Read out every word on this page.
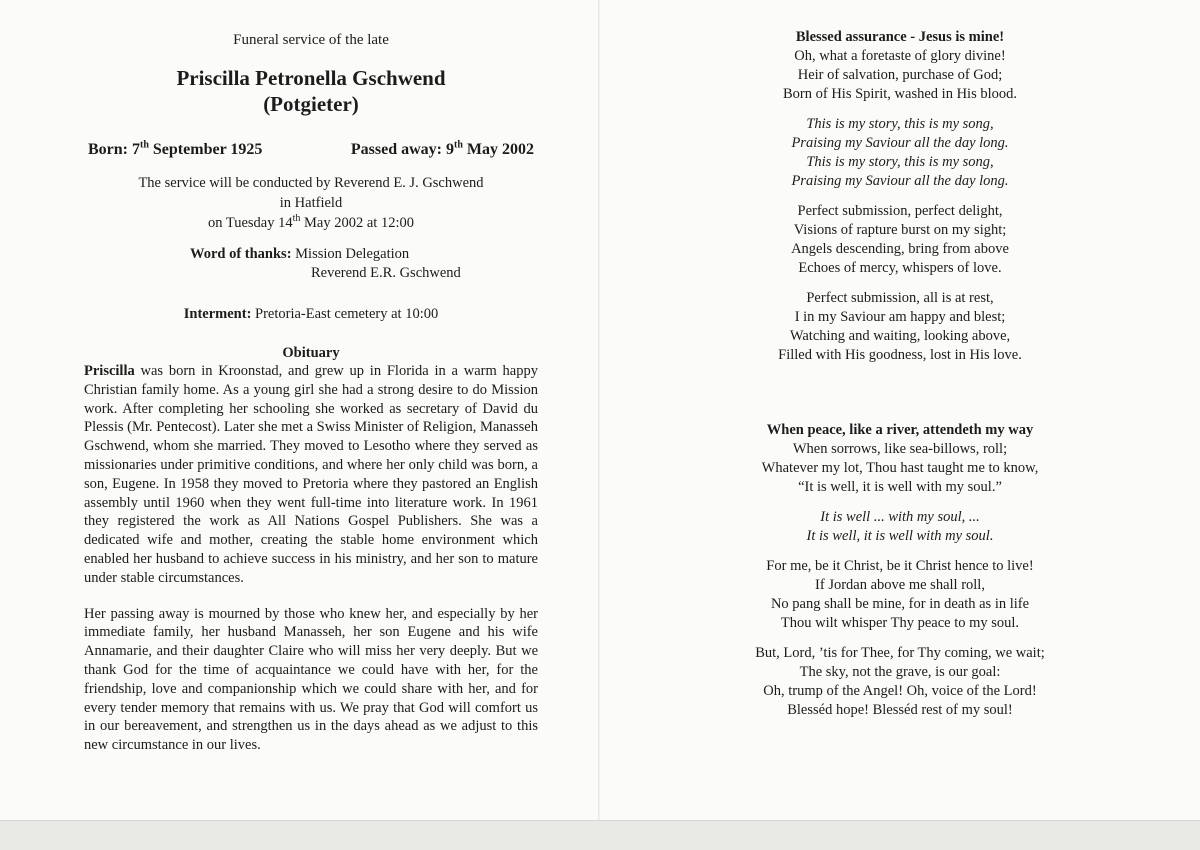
Funeral service of the late
Priscilla Petronella Gschwend
(Potgieter)
Born: 7th September 1925	Passed away: 9th May 2002
The service will be conducted by Reverend E. J. Gschwend
in Hatfield
on Tuesday 14th May 2002 at 12:00
Word of thanks: Mission Delegation
Reverend E.R. Gschwend
Interment: Pretoria-East cemetery at 10:00
Obituary

Priscilla was born in Kroonstad, and grew up in Florida in a warm happy Christian family home. As a young girl she had a strong desire to do Mission work. After completing her schooling she worked as secretary of David du Plessis (Mr. Pentecost). Later she met a Swiss Minister of Religion, Manasseh Gschwend, whom she married. They moved to Lesotho where they served as missionaries under primitive conditions, and where her only child was born, a son, Eugene. In 1958 they moved to Pretoria where they pastored an English assembly until 1960 when they went full-time into literature work. In 1961 they registered the work as All Nations Gospel Publishers. She was a dedicated wife and mother, creating the stable home environment which enabled her husband to achieve success in his ministry, and her son to mature under stable circumstances.

Her passing away is mourned by those who knew her, and especially by her immediate family, her husband Manasseh, her son Eugene and his wife Annamarie, and their daughter Claire who will miss her very deeply. But we thank God for the time of acquaintance we could have with her, for the friendship, love and companionship which we could share with her, and for every tender memory that remains with us. We pray that God will comfort us in our bereavement, and strengthen us in the days ahead as we adjust to this new circumstance in our lives.

Blessed assurance - Jesus is mine!

Oh, what a foretaste of glory divine!
Heir of salvation, purchase of God;
Born of His Spirit, washed in His blood.

This is my story, this is my song,
Praising my Saviour all the day long.
This is my story, this is my song,
Praising my Saviour all the day long.

Perfect submission, perfect delight,
Visions of rapture burst on my sight;
Angels descending, bring from above
Echoes of mercy, whispers of love.

Perfect submission, all is at rest,
I in my Saviour am happy and blest;
Watching and waiting, looking above,
Filled with His goodness, lost in His love.

When peace, like a river, attendeth my way

When sorrows, like sea-billows, roll;
Whatever my lot, Thou hast taught me to know,
“It is well, it is well with my soul.”

It is well ... with my soul, ...
It is well, it is well with my soul.

For me, be it Christ, be it Christ hence to live!
If Jordan above me shall roll,
No pang shall be mine, for in death as in life
Thou wilt whisper Thy peace to my soul.

But, Lord, ’tis for Thee, for Thy coming, we wait;
The sky, not the grave, is our goal:
Oh, trump of the Angel! Oh, voice of the Lord!
Blesséd hope! Blesséd rest of my soul!
